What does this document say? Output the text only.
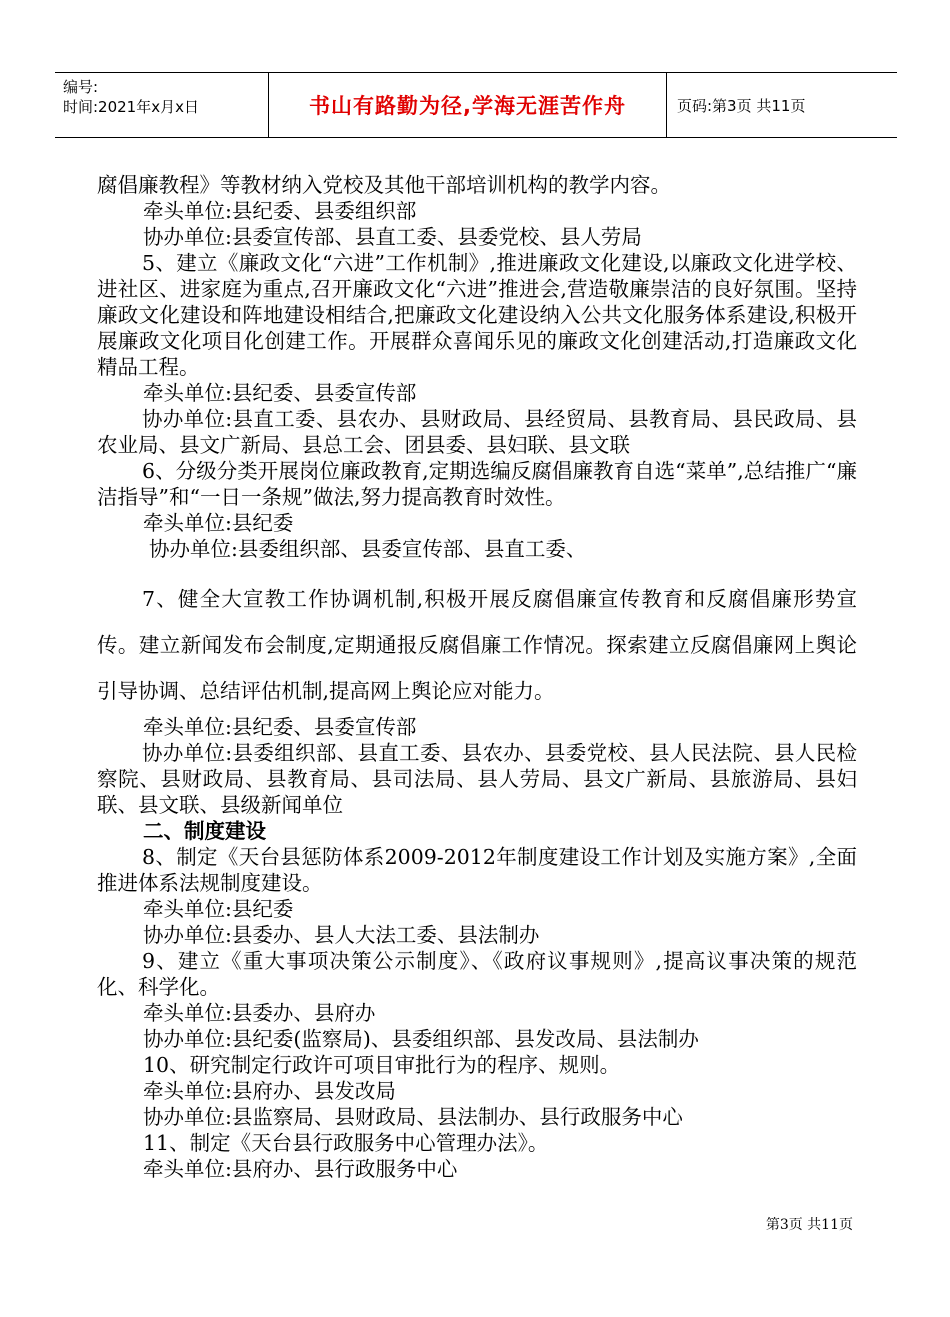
编号:
时间:2021年x月x日	书山有路勤为径,学海无涯苦作舟	页码:第3页 共11页

腐倡廉教程》等教材纳入党校及其他干部培训机构的教学内容。

牵头单位:县纪委、县委组织部

协办单位:县委宣传部、县直工委、县委党校、县人劳局

5、建立《廉政文化“六进”工作机制》,推进廉政文化建设,以廉政文化进学校、进社区、进家庭为重点,召开廉政文化“六进”推进会,营造敬廉崇洁的良好氛围。坚持廉政文化建设和阵地建设相结合,把廉政文化建设纳入公共文化服务体系建设,积极开展廉政文化项目化创建工作。开展群众喜闻乐见的廉政文化创建活动,打造廉政文化精品工程。

牵头单位:县纪委、县委宣传部

协办单位:县直工委、县农办、县财政局、县经贸局、县教育局、县民政局、县农业局、县文广新局、县总工会、团县委、县妇联、县文联

6、分级分类开展岗位廉政教育,定期选编反腐倡廉教育自选“菜单”,总结推广“廉洁指导”和“一日一条规”做法,努力提高教育时效性。

牵头单位:县纪委

协办单位:县委组织部、县委宣传部、县直工委、

7、健全大宣教工作协调机制,积极开展反腐倡廉宣传教育和反腐倡廉形势宣传。建立新闻发布会制度,定期通报反腐倡廉工作情况。探索建立反腐倡廉网上舆论引导协调、总结评估机制,提高网上舆论应对能力。

牵头单位:县纪委、县委宣传部

协办单位:县委组织部、县直工委、县农办、县委党校、县人民法院、县人民检察院、县财政局、县教育局、县司法局、县人劳局、县文广新局、县旅游局、县妇联、县文联、县级新闻单位

二、制度建设

8、制定《天台县惩防体系2009-2012年制度建设工作计划及实施方案》,全面推进体系法规制度建设。

牵头单位:县纪委

协办单位:县委办、县人大法工委、县法制办

9、建立《重大事项决策公示制度》、《政府议事规则》,提高议事决策的规范化、科学化。

牵头单位:县委办、县府办

协办单位:县纪委(监察局)、县委组织部、县发改局、县法制办

10、研究制定行政许可项目审批行为的程序、规则。

牵头单位:县府办、县发改局

协办单位:县监察局、县财政局、县法制办、县行政服务中心

11、制定《天台县行政服务中心管理办法》。

牵头单位:县府办、县行政服务中心

第3页 共11页
